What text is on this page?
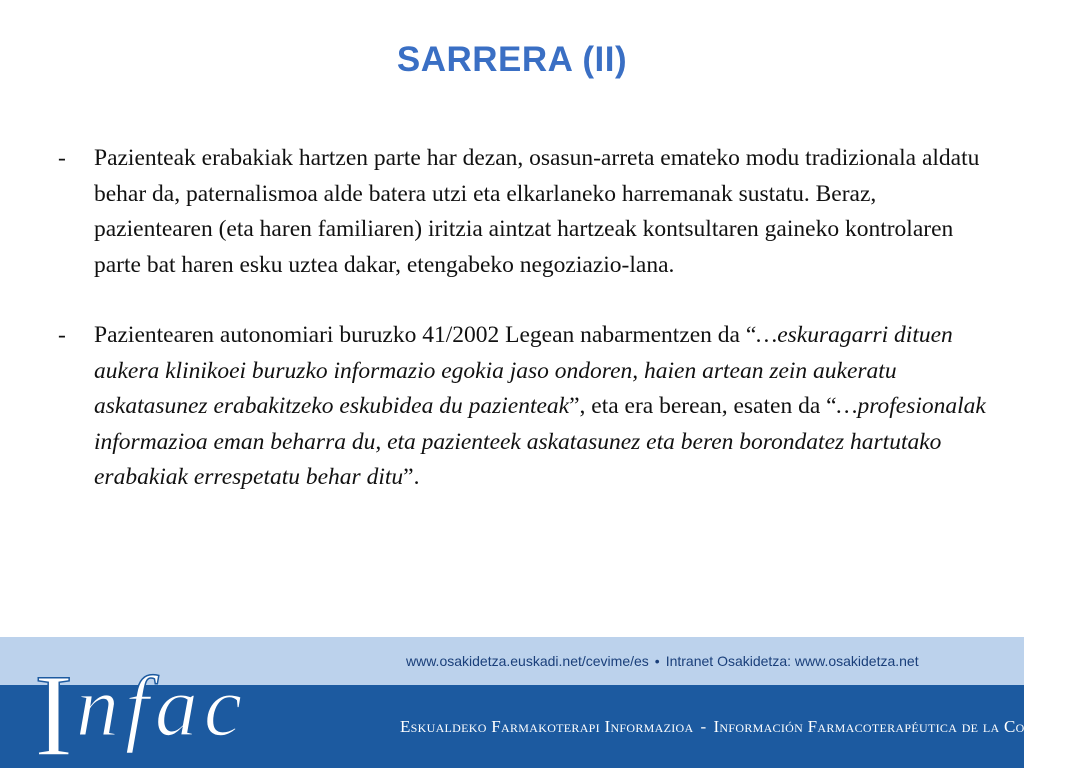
SARRERA (II)

-	Pazienteak erabakiak hartzen parte har dezan, osasun-arreta emateko modu tradizionala aldatu behar da, paternalismoa alde batera utzi eta elkarlaneko harremanak sustatu. Beraz, pazientearen (eta haren familiaren) iritzia aintzat hartzeak kontsultaren gaineko kontrolaren parte bat haren esku uztea dakar, etengabeko negoziazio-lana.

-	Pazientearen autonomiari buruzko 41/2002 Legean nabarmentzen da “…eskuragarri dituen aukera klinikoei buruzko informazio egokia jaso ondoren, haien artean zein aukeratu askatasunez erabakitzeko eskubidea du pazienteak”, eta era berean, esaten da “…profesionalak informazioa eman beharra du, eta pazienteek askatasunez eta beren borondatez hartutako erabakiak errespetatu behar ditu”.

I nfac	www.osakidetza.euskadi.net/cevime/es • Intranet Osakidetza: www.osakidetza.net
Eskualdeko Farmakoterapi Informazioa - Información Farmacoterapéutica de la Comarca
